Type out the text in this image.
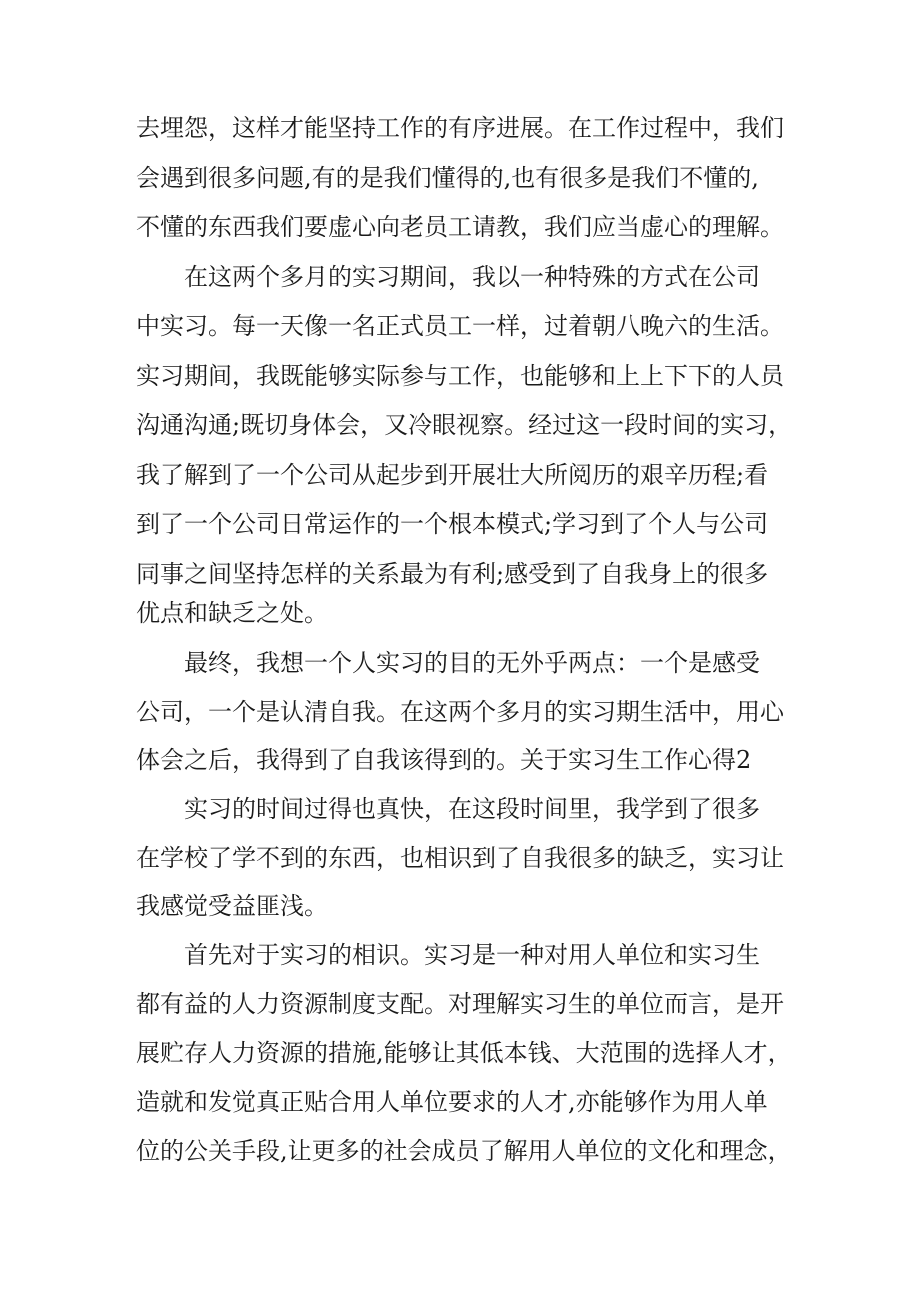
去埋怨，这样才能坚持工作的有序进展。在工作过程中，我们
会遇到很多问题,有的是我们懂得的,也有很多是我们不懂的,
不懂的东西我们要虚心向老员工请教，我们应当虚心的理解。
在这两个多月的实习期间，我以一种特殊的方式在公司
中实习。每一天像一名正式员工一样，过着朝八晚六的生活。
实习期间，我既能够实际参与工作，也能够和上上下下的人员
沟通沟通;既切身体会，又冷眼视察。经过这一段时间的实习，
我了解到了一个公司从起步到开展壮大所阅历的艰辛历程;看
到了一个公司日常运作的一个根本模式;学习到了个人与公司
同事之间坚持怎样的关系最为有利;感受到了自我身上的很多
优点和缺乏之处。
最终，我想一个人实习的目的无外乎两点：一个是感受
公司，一个是认清自我。在这两个多月的实习期生活中，用心
体会之后，我得到了自我该得到的。关于实习生工作心得2
实习的时间过得也真快，在这段时间里，我学到了很多
在学校了学不到的东西，也相识到了自我很多的缺乏，实习让
我感觉受益匪浅。
首先对于实习的相识。实习是一种对用人单位和实习生
都有益的人力资源制度支配。对理解实习生的单位而言，是开
展贮存人力资源的措施,能够让其低本钱、大范围的选择人才，
造就和发觉真正贴合用人单位要求的人才,亦能够作为用人单
位的公关手段,让更多的社会成员了解用人单位的文化和理念，
